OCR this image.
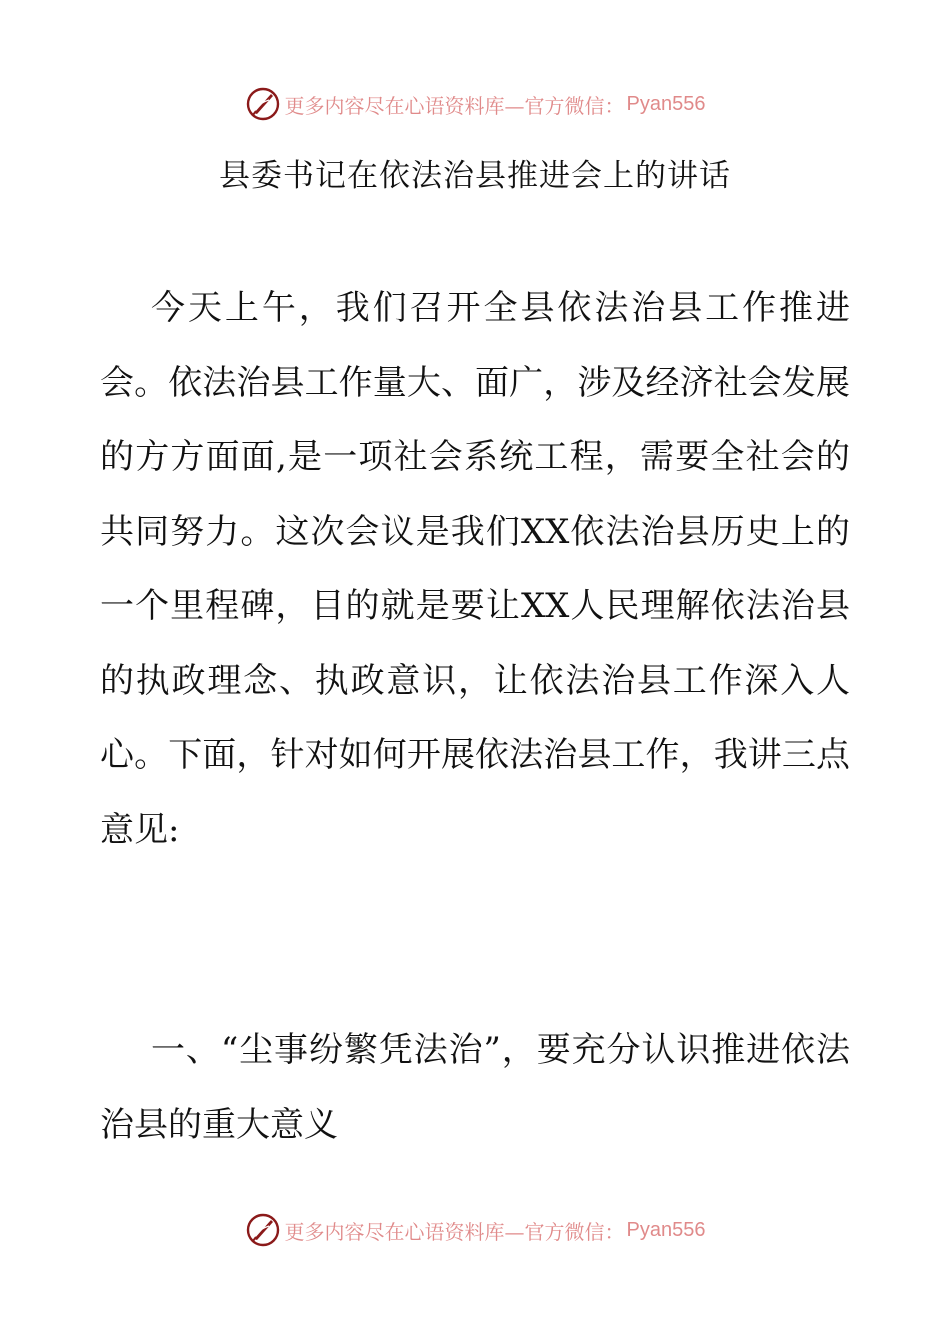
更多内容尽在心语资料库—官方微信： Pyan556
县委书记在依法治县推进会上的讲话

今天上午，我们召开全县依法治县工作推进会。依法治县工作量大、面广，涉及经济社会发展的方方面面,是一项社会系统工程，需要全社会的共同努力。这次会议是我们XX依法治县历史上的一个里程碑，目的就是要让XX人民理解依法治县的执政理念、执政意识，让依法治县工作深入人心。下面，针对如何开展依法治县工作，我讲三点意见:

一、“尘事纷繁凭法治”，要充分认识推进依法治县的重大意义

更多内容尽在心语资料库—官方微信： Pyan556
